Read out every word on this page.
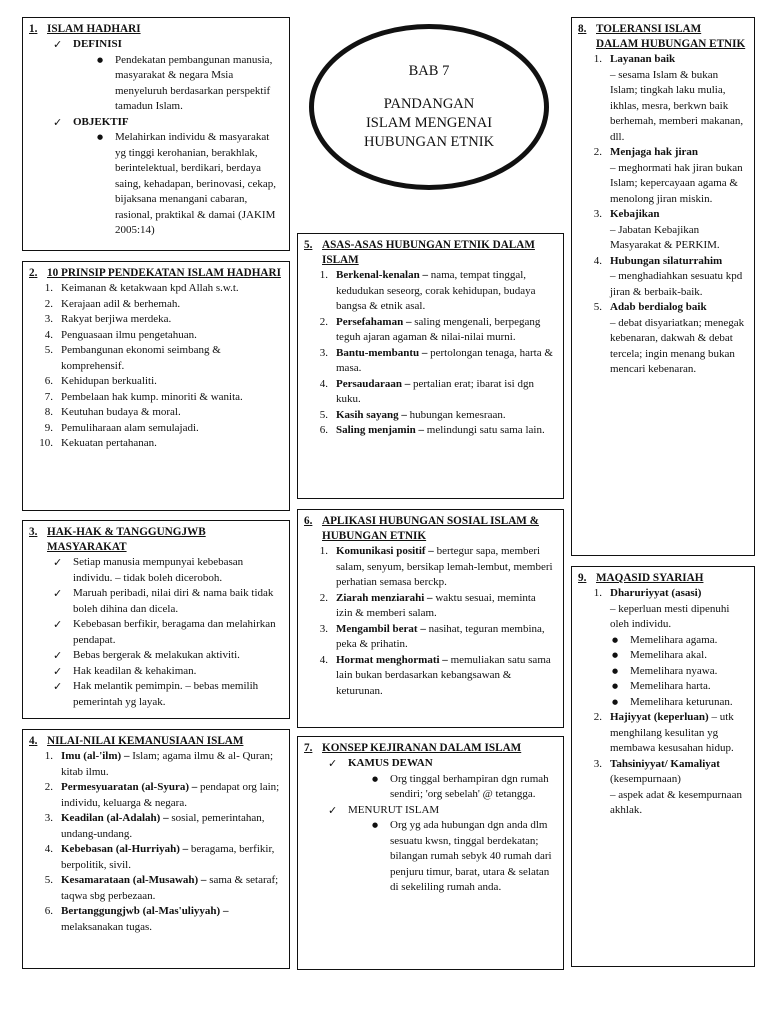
1 .	ISLAM HADHARI
✓ DEFINISI
● Pendekatan pembangunan manusia, masyarakat & negara Msia menyeluruh berdasarkan perspektif tamadun Islam.
✓ OBJEKTIF
● Melahirkan individu & masyarakat yg tinggi kerohanian, berakhlak, berintelektual, berdikari, berdaya saing, kehadapan, berinovasi, cekap, bijaksana menangani cabaran, rasional, praktikal & damai (JAKIM 2005:14)
BAB 7
PANDANGAN
ISLAM MENGENAI
HUBUNGAN ETNIK
8 .	TOLERANSI ISLAM DALAM HUBUNGAN ETNIK
1. Layanan baik
– sesama Islam & bukan Islam; tingkah laku mulia, ikhlas, mesra, berkwn baik berhemah, memberi makanan, dll.
2. Menjaga hak jiran
– meghormati hak jiran bukan Islam; kepercayaan agama & menolong jiran miskin.
3. Kebajikan
– Jabatan Kebajikan Masyarakat & PERKIM.
4. Hubungan silaturrahim
– menghadiahkan sesuatu kpd jiran & berbaik-baik.
5. Adab berdialog baik
– debat disyariatkan; menegak kebenaran, dakwah & debat tercela; ingin menang bukan mencari kebenaran.
2 .	10 PRINSIP PENDEKATAN ISLAM HADHARI
1. Keimanan & ketakwaan kpd Allah s.w.t.
2. Kerajaan adil & berhemah.
3. Rakyat berjiwa merdeka.
4. Penguasaan ilmu pengetahuan.
5. Pembangunan ekonomi seimbang & komprehensif.
6. Kehidupan berkualiti.
7. Pembelaan hak kump. minoriti & wanita.
8. Keutuhan budaya & moral.
9. Pemuliharaan alam semulajadi.
10. Kekuatan pertahanan.
5 .	ASAS-ASAS HUBUNGAN ETNIK DALAM ISLAM
1. Berkenal-kenalan – nama, tempat tinggal, kedudukan seseorg, corak kehidupan, budaya bangsa & etnik asal.
2. Persefahaman – saling mengenali, berpegang teguh ajaran agaman & nilai-nilai murni.
3. Bantu-membantu – pertolongan tenaga, harta & masa.
4. Persaudaraan – pertalian erat; ibarat isi dgn kuku.
5. Kasih sayang – hubungan kemesraan.
6. Saling menjamin – melindungi satu sama lain.
3 .	HAK-HAK & TANGGUNGJWB MASYARAKAT
✓ Setiap manusia mempunyai kebebasan individu. – tidak boleh diceroboh.
✓ Maruah peribadi, nilai diri & nama baik tidak boleh dihina dan dicela.
✓ Kebebasan berfikir, beragama dan melahirkan pendapat.
✓ Bebas bergerak & melakukan aktiviti.
✓ Hak keadilan & kehakiman.
✓ Hak melantik pemimpin. – bebas memilih pemerintah yg layak.
6 .	APLIKASI HUBUNGAN SOSIAL ISLAM & HUBUNGAN ETNIK
1. Komunikasi positif – bertegur sapa, memberi salam, senyum, bersikap lemah-lembut, memberi perhatian semasa berckp.
2. Ziarah menziarahi – waktu sesuai, meminta izin & memberi salam.
3. Mengambil berat – nasihat, teguran membina, peka & prihatin.
4. Hormat menghormati – memuliakan satu sama lain bukan berdasarkan kebangsawan & keturunan.
9 .	MAQASID SYARIAH
1. Dharuriyyat (asasi)
– keperluan mesti dipenuhi oleh individu.
● Memelihara agama.
● Memelihara akal.
● Memelihara nyawa.
● Memelihara harta.
● Memelihara keturunan.
2. Hajiyyat (keperluan) – utk menghilang kesulitan yg membawa kesusahan hidup.
3. Tahsiniyyat/ Kamaliyat
(kesempurnaan)
– aspek adat & kesempurnaan akhlak.
4 .	NILAI-NILAI KEMANUSIAAN ISLAM
1. Imu (al-'ilm) – Islam; agama ilmu & al- Quran; kitab ilmu.
2. Permesyuaratan (al-Syura) – pendapat org lain; individu, keluarga & negara.
3. Keadilan (al-Adalah) – sosial, pemerintahan, undang-undang.
4. Kebebasan (al-Hurriyah) – beragama, berfikir, berpolitik, sivil.
5. Kesamarataan (al-Musawah) – sama & setaraf; taqwa sbg perbezaan.
6. Bertanggungjwb (al-Mas'uliyyah) – melaksanakan tugas.
7 .	KONSEP KEJIRANAN DALAM ISLAM
✓ KAMUS DEWAN
● Org tinggal berhampiran dgn rumah sendiri; 'org sebelah' @ tetangga.
✓ MENURUT ISLAM
● Org yg ada hubungan dgn anda dlm sesuatu kwsn, tinggal berdekatan; bilangan rumah sebyk 40 rumah dari penjuru timur, barat, utara & selatan di sekeliling rumah anda.
